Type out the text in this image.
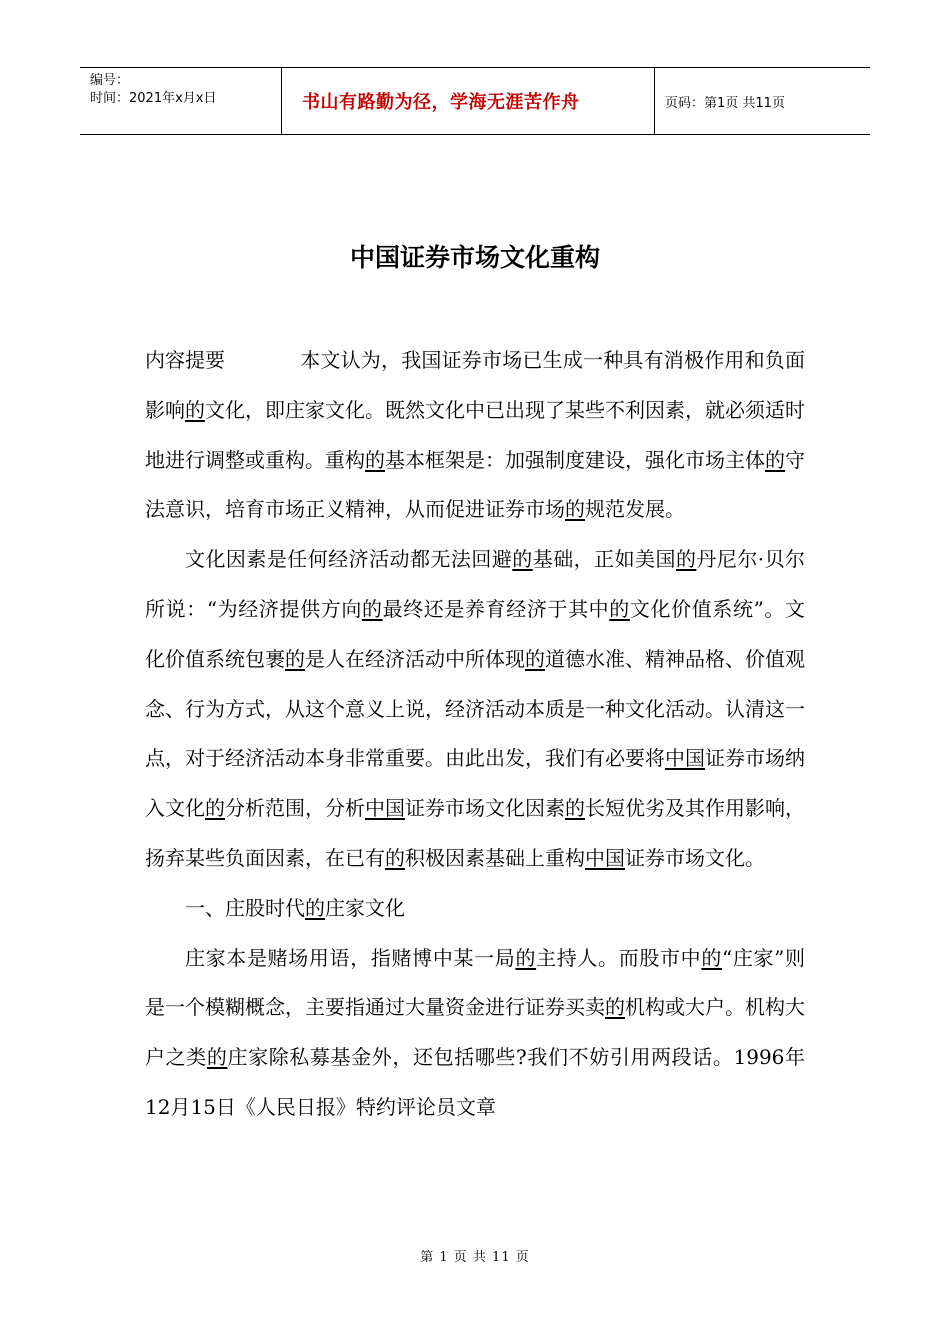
编号：
时间：2021年x月x日	书山有路勤为径，学海无涯苦作舟	页码：第1页 共11页
中国证券市场文化重构

内容提要	本文认为，我国证券市场已生成一种具有消极作用和负面影响的文化，即庄家文化。既然文化中已出现了某些不利因素，就必须适时地进行调整或重构。重构的基本框架是：加强制度建设，强化市场主体的守法意识，培育市场正义精神，从而促进证券市场的规范发展。

文化因素是任何经济活动都无法回避的基础，正如美国的丹尼尔·贝尔所说：“为经济提供方向的最终还是养育经济于其中的文化价值系统”。文化价值系统包裹的是人在经济活动中所体现的道德水准、精神品格、价值观念、行为方式，从这个意义上说，经济活动本质是一种文化活动。认清这一点，对于经济活动本身非常重要。由此出发，我们有必要将中国证券市场纳入文化的分析范围，分析中国证券市场文化因素的长短优劣及其作用影响，扬弃某些负面因素，在已有的积极因素基础上重构中国证券市场文化。

一、庄股时代的庄家文化

庄家本是赌场用语，指赌博中某一局的主持人。而股市中的“庄家”则是一个模糊概念，主要指通过大量资金进行证券买卖的机构或大户。机构大户之类的庄家除私募基金外，还包括哪些?我们不妨引用两段话。1996年12月15日《人民日报》特约评论员文章

第 1 页 共 11 页
